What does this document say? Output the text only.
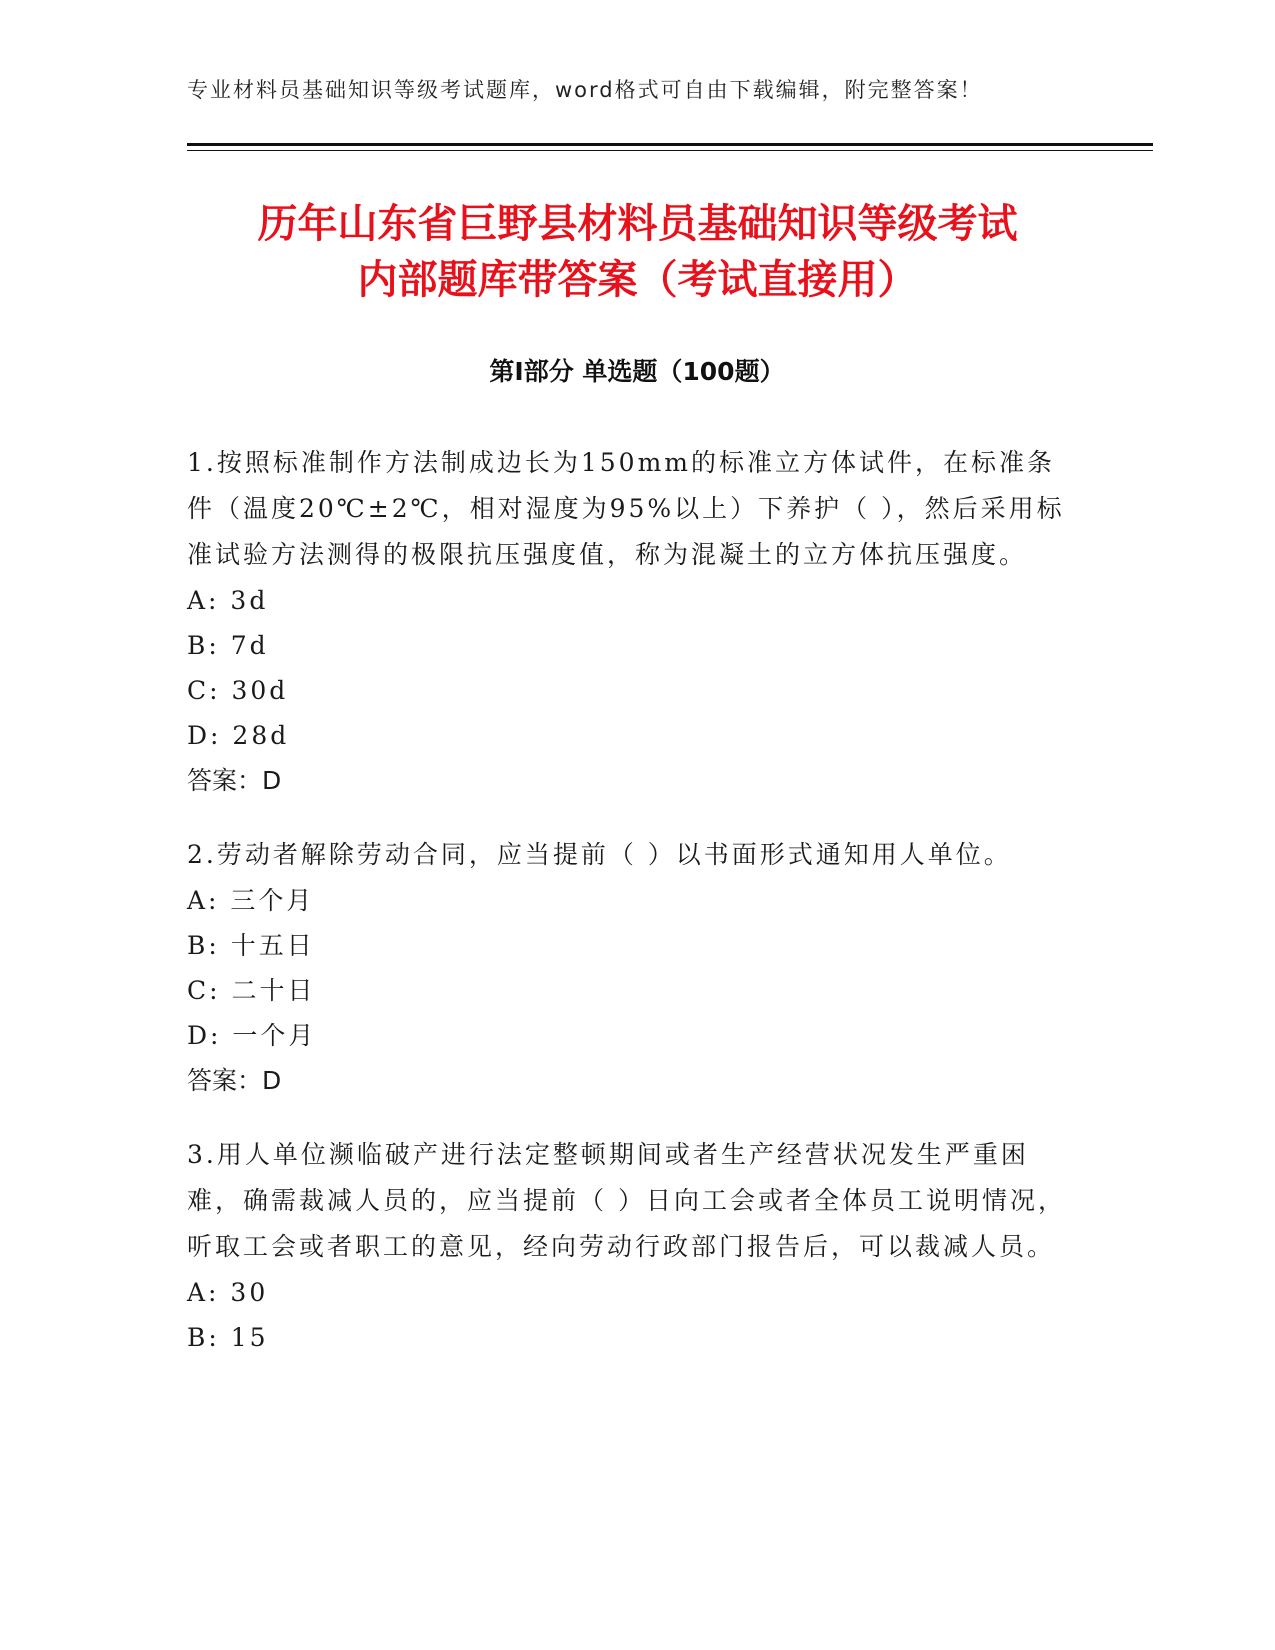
专业材料员基础知识等级考试题库，word格式可自由下载编辑，附完整答案！
历年山东省巨野县材料员基础知识等级考试
内部题库带答案（考试直接用）
第Ⅰ部分 单选题（100题）

1.按照标准制作方法制成边长为150mm的标准立方体试件，在标准条件（温度20℃±2℃，相对湿度为95%以上）下养护（ ），然后采用标准试验方法测得的极限抗压强度值，称为混凝土的立方体抗压强度。

A: 3d

B: 7d

C: 30d

D: 28d

答案：D

2.劳动者解除劳动合同，应当提前（ ）以书面形式通知用人单位。

A: 三个月

B: 十五日

C: 二十日

D: 一个月

答案：D

3.用人单位濒临破产进行法定整顿期间或者生产经营状况发生严重困难，确需裁减人员的，应当提前（ ）日向工会或者全体员工说明情况，听取工会或者职工的意见，经向劳动行政部门报告后，可以裁减人员。

A: 30

B: 15
